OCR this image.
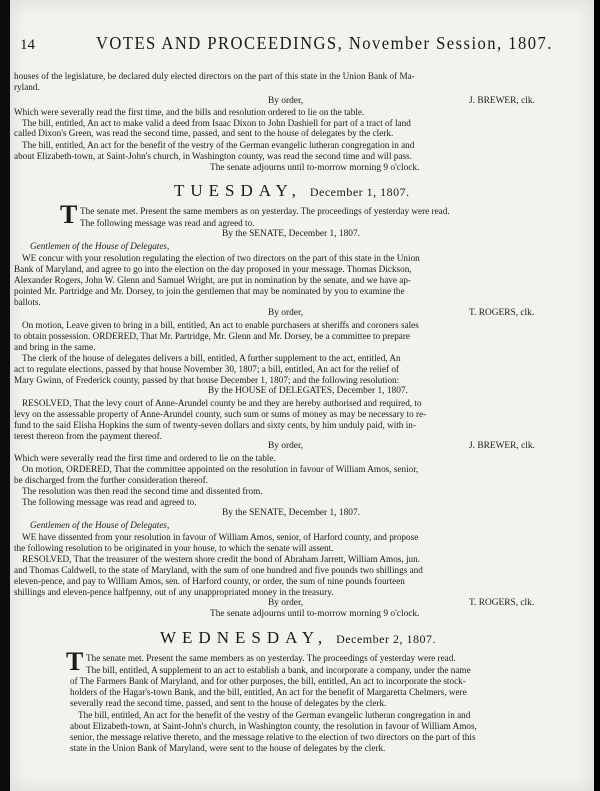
14	VOTES AND PROCEEDINGS, November Session, 1807.
houses of the legislature, be declared duly elected directors on the part of this state in the Union Bank of Ma-
ryland.
By order,	J. BREWER, clk.
Which were severally read the first time, and the bills and resolution ordered to lie on the table.
The bill, entitled, An act to make valid a deed from Isaac Dixon to John Dashiell for part of a tract of land
called Dixon's Green, was read the second time, passed, and sent to the house of delegates by the clerk.
The bill, entitled, An act for the benefit of the vestry of the German evangelic lutheran congregation in and
about Elizabeth-town, at Saint-John's church, in Washington county, was read the second time and will pass.
The senate adjourns until to-morrow morning 9 o'clock.
TUESDAY, December 1, 1807.
T The senate met. Present the same members as on yesterday. The proceedings of yesterday were read.
The following message was read and agreed to.
By the SENATE, December 1, 1807.
Gentlemen of the House of Delegates,
WE concur with your resolution regulating the election of two directors on the part of this state in the Union
Bank of Maryland, and agree to go into the election on the day proposed in your message. Thomas Dickson,
Alexander Rogers, John W. Glenn and Samuel Wright, are put in nomination by the senate, and we have ap-
pointed Mr. Partridge and Mr. Dorsey, to join the gentlemen that may be nominated by you to examine the
ballots.
By order,	T. ROGERS, clk.
On motion, Leave given to bring in a bill, entitled, An act to enable purchasers at sheriffs and coroners sales
to obtain possession. ORDERED, That Mr. Partridge, Mr. Glenn and Mr. Dorsey, be a committee to prepare
and bring in the same.
The clerk of the house of delegates delivers a bill, entitled, A further supplement to the act, entitled, An
act to regulate elections, passed by that house November 30, 1807; a bill, entitled, An act for the relief of
Mary Gwinn, of Frederick county, passed by that house December 1, 1807; and the following resolution:
By the HOUSE of DELEGATES, December 1, 1807.
RESOLVED, That the levy court of Anne-Arundel county be and they are hereby authorised and required, to
levy on the assessable property of Anne-Arundel county, such sum or sums of money as may be necessary to re-
fund to the said Elisha Hopkins the sum of twenty-seven dollars and sixty cents, by him unduly paid, with in-
terest thereon from the payment thereof.
By order,	J. BREWER, clk.
Which were severally read the first time and ordered to lie on the table.
On motion, ORDERED, That the committee appointed on the resolution in favour of William Amos, senior,
be discharged from the further consideration thereof.
The resolution was then read the second time and dissented from.
The following message was read and agreed to.
By the SENATE, December 1, 1807.
Gentlemen of the House of Delegates,
WE have dissented from your resolution in favour of William Amos, senior, of Harford county, and propose
the following resolution to be originated in your house, to which the senate will assent.
RESOLVED, That the treasurer of the western shore credit the bond of Abraham Jarrett, William Amos, jun.
and Thomas Caldwell, to the state of Maryland, with the sum of one hundred and five pounds two shillings and
eleven-pence, and pay to William Amos, sen. of Harford county, or order, the sum of nine pounds fourteen
shillings and eleven-pence halfpenny, out of any unappropriated money in the treasury.
By order,	T. ROGERS, clk.
The senate adjourns until to-morrow morning 9 o'clock.
WEDNESDAY, December 2, 1807.
T The senate met. Present the same members as on yesterday. The proceedings of yesterday were read.
The bill, entitled, A supplement to an act to establish a bank, and incorporate a company, under the name
of The Farmers Bank of Maryland, and for other purposes, the bill, entitled, An act to incorporate the stock-
holders of the Hagar's-town Bank, and the bill, entitled, An act for the benefit of Margaretta Chelmers, were
severally read the second time, passed, and sent to the house of delegates by the clerk.
The bill, entitled, An act for the benefit of the vestry of the German evangelic lutheran congregation in and
about Elizabeth-town, at Saint-John's church, in Washington county, the resolution in favour of William Amos,
senior, the message relative thereto, and the message relative to the election of two directors on the part of this
state in the Union Bank of Maryland, were sent to the house of delegates by the clerk.
